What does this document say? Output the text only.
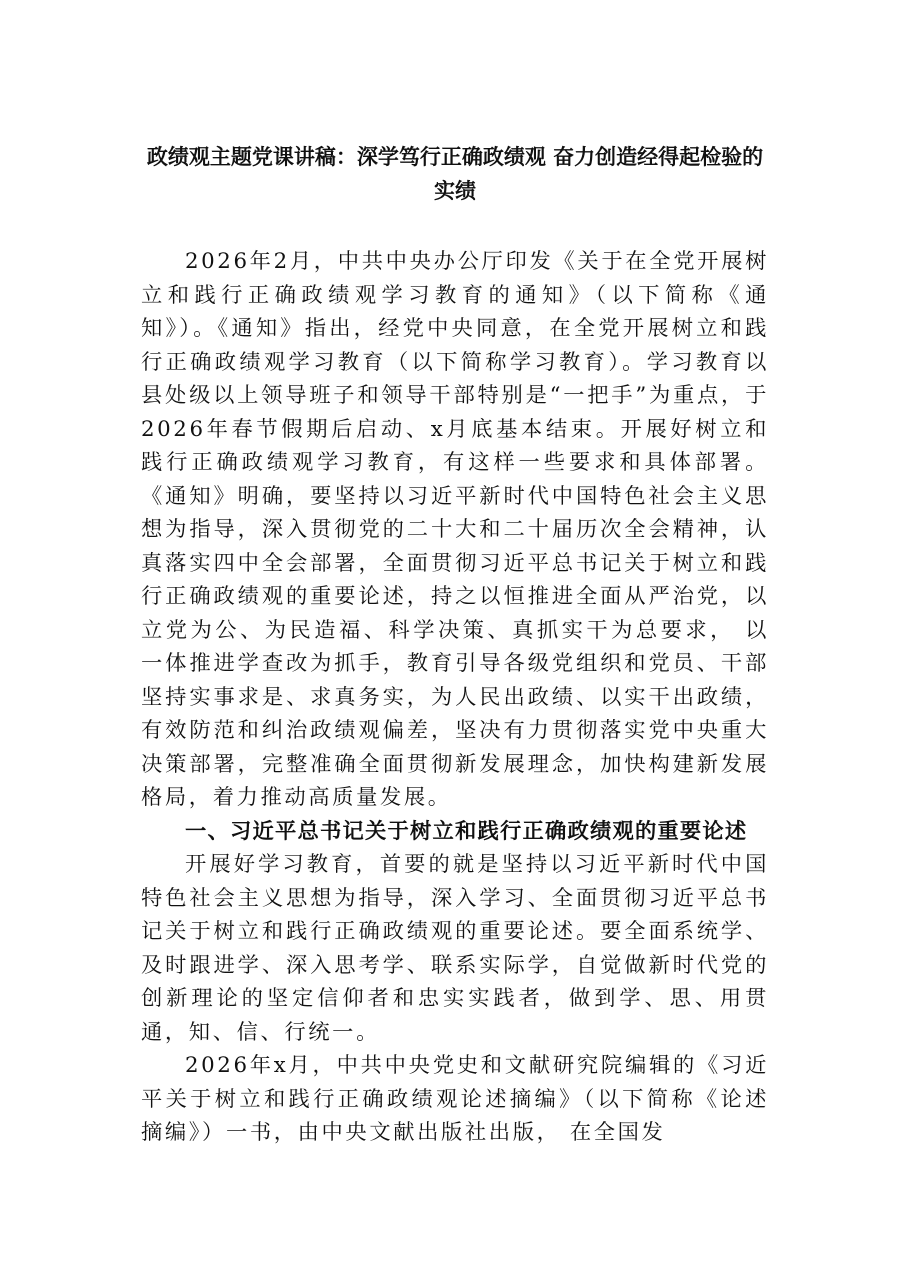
政绩观主题党课讲稿：深学笃行正确政绩观 奋力创造经得起检验的实绩

2026年2月，中共中央办公厅印发《关于在全党开展树立和践行正确政绩观学习教育的通知》（以下简称《通知》）。《通知》指出，经党中央同意，在全党开展树立和践行正确政绩观学习教育（以下简称学习教育）。学习教育以县处级以上领导班子和领导干部特别是“一把手”为重点，于2026年春节假期后启动、x月底基本结束。开展好树立和践行正确政绩观学习教育，有这样一些要求和具体部署。《通知》明确，要坚持以习近平新时代中国特色社会主义思想为指导，深入贯彻党的二十大和二十届历次全会精神，认真落实四中全会部署，全面贯彻习近平总书记关于树立和践行正确政绩观的重要论述，持之以恒推进全面从严治党，以立党为公、为民造福、科学决策、真抓实干为总要求， 以一体推进学查改为抓手，教育引导各级党组织和党员、干部坚持实事求是、求真务实，为人民出政绩、以实干出政绩，有效防范和纠治政绩观偏差，坚决有力贯彻落实党中央重大决策部署，完整准确全面贯彻新发展理念，加快构建新发展格局，着力推动高质量发展。

一、习近平总书记关于树立和践行正确政绩观的重要论述

开展好学习教育，首要的就是坚持以习近平新时代中国特色社会主义思想为指导，深入学习、全面贯彻习近平总书记关于树立和践行正确政绩观的重要论述。要全面系统学、及时跟进学、深入思考学、联系实际学，自觉做新时代党的创新理论的坚定信仰者和忠实实践者，做到学、思、用贯通，知、信、行统一。

2026年x月，中共中央党史和文献研究院编辑的《习近平关于树立和践行正确政绩观论述摘编》（以下简称《论述摘编》）一书，由中央文献出版社出版， 在全国发
